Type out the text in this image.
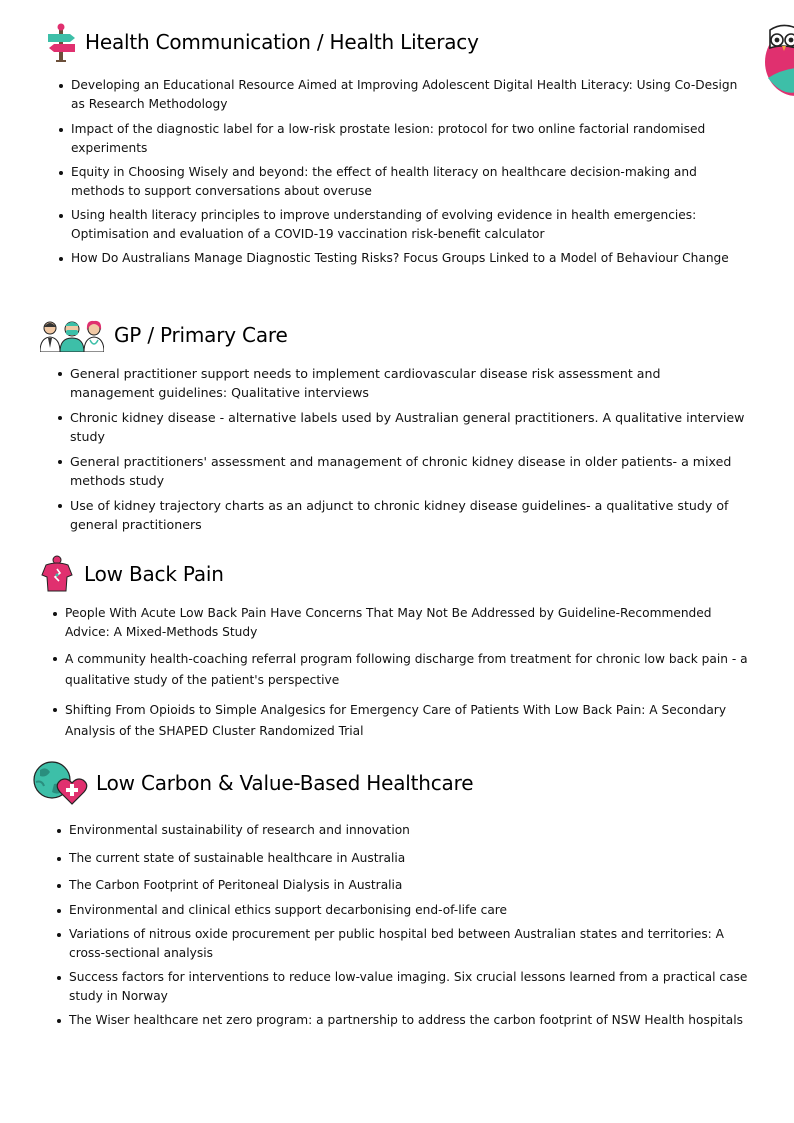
Health Communication / Health Literacy
Developing an Educational Resource Aimed at Improving Adolescent Digital Health Literacy: Using Co-Design as Research Methodology
Impact of the diagnostic label for a low-risk prostate lesion: protocol for two online factorial randomised experiments
Equity in Choosing Wisely and beyond: the effect of health literacy on healthcare decision-making and methods to support conversations about overuse
Using health literacy principles to improve understanding of evolving evidence in health emergencies: Optimisation and evaluation of a COVID-19 vaccination risk-benefit calculator
How Do Australians Manage Diagnostic Testing Risks? Focus Groups Linked to a Model of Behaviour Change
GP / Primary Care
General practitioner support needs to implement cardiovascular disease risk assessment and management guidelines: Qualitative interviews
Chronic kidney disease - alternative labels used by Australian general practitioners. A qualitative interview study
General practitioners' assessment and management of chronic kidney disease in older patients- a mixed methods study
Use of kidney trajectory charts as an adjunct to chronic kidney disease guidelines- a qualitative study of general practitioners
Low Back Pain
People With Acute Low Back Pain Have Concerns That May Not Be Addressed by Guideline-Recommended Advice: A Mixed-Methods Study
A community health-coaching referral program following discharge from treatment for chronic low back pain - a qualitative study of the patient's perspective
Shifting From Opioids to Simple Analgesics for Emergency Care of Patients With Low Back Pain: A Secondary Analysis of the SHAPED Cluster Randomized Trial
Low Carbon & Value-Based Healthcare
Environmental sustainability of research and innovation
The current state of sustainable healthcare in Australia
The Carbon Footprint of Peritoneal Dialysis in Australia
Environmental and clinical ethics support decarbonising end-of-life care
Variations of nitrous oxide procurement per public hospital bed between Australian states and territories: A cross-sectional analysis
Success factors for interventions to reduce low-value imaging. Six crucial lessons learned from a practical case study in Norway
The Wiser healthcare net zero program: a partnership to address the carbon footprint of NSW Health hospitals
